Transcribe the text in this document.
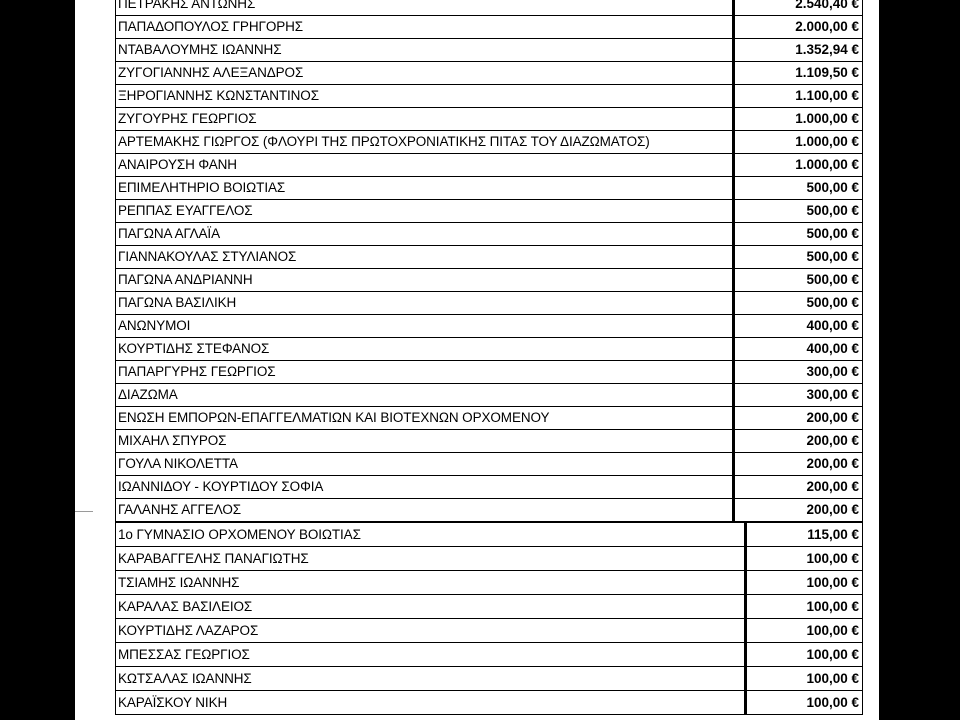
ΠΕΤΡΑΚΗΣ ΑΝΤΩΝΗΣ	2.540,40 €
ΠΑΠΑΔΟΠΟΥΛΟΣ ΓΡΗΓΟΡΗΣ	2.000,00 €
ΝΤΑΒΑΛΟΥΜΗΣ ΙΩΑΝΝΗΣ	1.352,94 €
ΖΥΓΟΓΙΑΝΝΗΣ ΑΛΕΞΑΝΔΡΟΣ	1.109,50 €
ΞΗΡΟΓΙΑΝΝΗΣ ΚΩΝΣΤΑΝΤΙΝΟΣ	1.100,00 €
ΖΥΓΟΥΡΗΣ ΓΕΩΡΓΙΟΣ	1.000,00 €
ΑΡΤΕΜΑΚΗΣ ΓΙΩΡΓΟΣ (ΦΛΟΥΡΙ ΤΗΣ ΠΡΩΤΟΧΡΟΝΙΑΤΙΚΗΣ ΠΙΤΑΣ ΤΟΥ ΔΙΑΖΩΜΑΤΟΣ)	1.000,00 €
ΑΝΑΙΡΟΥΣΗ ΦΑΝΗ	1.000,00 €
ΕΠΙΜΕΛΗΤΗΡΙΟ ΒΟΙΩΤΙΑΣ	500,00 €
ΡΕΠΠΑΣ ΕΥΑΓΓΕΛΟΣ	500,00 €
ΠΑΓΩΝΑ ΑΓΛΑΪΑ	500,00 €
ΓΙΑΝΝΑΚΟΥΛΑΣ ΣΤΥΛΙΑΝΟΣ	500,00 €
ΠΑΓΩΝΑ ΑΝΔΡΙΑΝΝΗ	500,00 €
ΠΑΓΩΝΑ ΒΑΣΙΛΙΚΗ	500,00 €
ΑΝΩΝΥΜΟΙ	400,00 €
ΚΟΥΡΤΙΔΗΣ ΣΤΕΦΑΝΟΣ	400,00 €
ΠΑΠΑΡΓΥΡΗΣ ΓΕΩΡΓΙΟΣ	300,00 €
ΔΙΑΖΩΜΑ	300,00 €
ΕΝΩΣΗ ΕΜΠΟΡΩΝ-ΕΠΑΓΓΕΛΜΑΤΙΩΝ ΚΑΙ ΒΙΟΤΕΧΝΩΝ ΟΡΧΟΜΕΝΟΥ	200,00 €
ΜΙΧΑΗΛ ΣΠΥΡΟΣ	200,00 €
ΓΟΥΛΑ ΝΙΚΟΛΕΤΤΑ	200,00 €
ΙΩΑΝΝΙΔΟΥ - ΚΟΥΡΤΙΔΟΥ ΣΟΦΙΑ	200,00 €
ΓΑΛΑΝΗΣ ΑΓΓΕΛΟΣ	200,00 €
1ο ΓΥΜΝΑΣΙΟ ΟΡΧΟΜΕΝΟΥ ΒΟΙΩΤΙΑΣ	115,00 €
ΚΑΡΑΒΑΓΓΕΛΗΣ ΠΑΝΑΓΙΩΤΗΣ	100,00 €
ΤΣΙΑΜΗΣ ΙΩΑΝΝΗΣ	100,00 €
ΚΑΡΑΛΑΣ ΒΑΣΙΛΕΙΟΣ	100,00 €
ΚΟΥΡΤΙΔΗΣ ΛΑΖΑΡΟΣ	100,00 €
ΜΠΕΣΣΑΣ ΓΕΩΡΓΙΟΣ	100,00 €
ΚΩΤΣΑΛΑΣ ΙΩΑΝΝΗΣ	100,00 €
ΚΑΡΑΪΣΚΟΥ ΝΙΚΗ	100,00 €
